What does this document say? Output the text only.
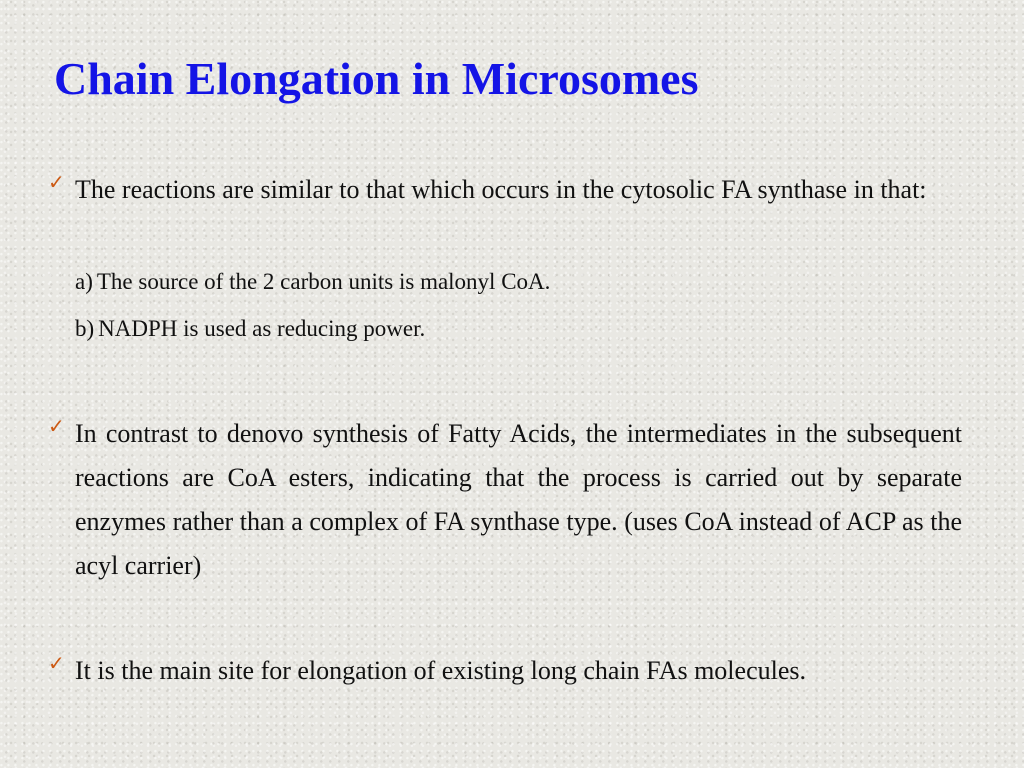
Chain Elongation in Microsomes
✓ The reactions are similar to that which occurs in the cytosolic FA synthase in that:
a) The source of the 2 carbon units is malonyl CoA.
b) NADPH is used as reducing power.
✓ In contrast to denovo synthesis of Fatty Acids, the intermediates in the subsequent reactions are CoA esters, indicating that the process is carried out by separate enzymes rather than a complex of FA synthase type. (uses CoA instead of ACP as the acyl carrier)
✓ It is the main site for elongation of existing long chain FAs molecules.
